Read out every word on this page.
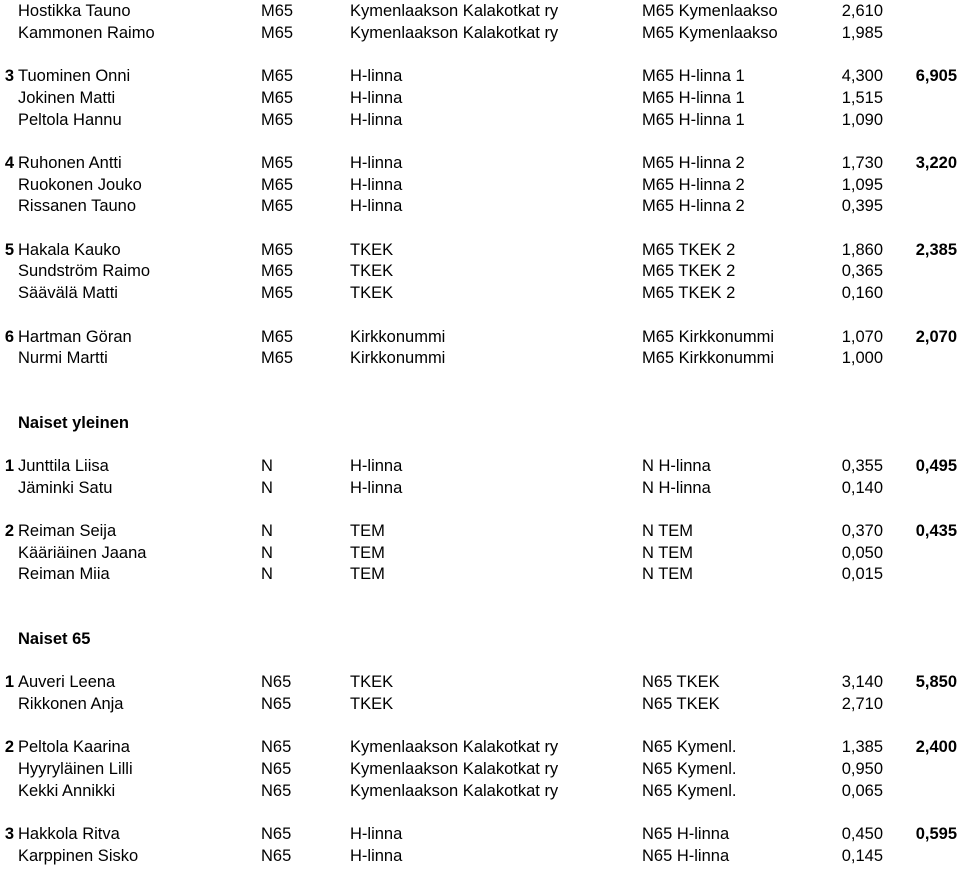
Hostikka Tauno	M65	Kymenlaakson Kalakotkat ry	M65 Kymenlaakso	2,610
Kammonen Raimo	M65	Kymenlaakson Kalakotkat ry	M65 Kymenlaakso	1,985
3 Tuominen Onni	M65	H-linna	M65 H-linna 1	4,300 6,905
Jokinen Matti	M65	H-linna	M65 H-linna 1	1,515
Peltola Hannu	M65	H-linna	M65 H-linna 1	1,090
4 Ruhonen Antti	M65	H-linna	M65 H-linna 2	1,730 3,220
Ruokonen Jouko	M65	H-linna	M65 H-linna 2	1,095
Rissanen Tauno	M65	H-linna	M65 H-linna 2	0,395
5 Hakala Kauko	M65	TKEK	M65 TKEK 2	1,860 2,385
Sundström Raimo	M65	TKEK	M65 TKEK 2	0,365
Säävälä Matti	M65	TKEK	M65 TKEK 2	0,160
6 Hartman Göran	M65	Kirkkonummi	M65 Kirkkonummi	1,070 2,070
Nurmi Martti	M65	Kirkkonummi	M65 Kirkkonummi	1,000
Naiset yleinen
1 Junttila Liisa	N	H-linna	N H-linna	0,355 0,495
Jäminki Satu	N	H-linna	N H-linna	0,140
2 Reiman Seija	N	TEM	N TEM	0,370 0,435
Kääriäinen Jaana	N	TEM	N TEM	0,050
Reiman Miia	N	TEM	N TEM	0,015
Naiset 65
1 Auveri Leena	N65	TKEK	N65 TKEK	3,140 5,850
Rikkonen Anja	N65	TKEK	N65 TKEK	2,710
2 Peltola Kaarina	N65	Kymenlaakson Kalakotkat ry	N65 Kymenl.	1,385 2,400
Hyyryläinen Lilli	N65	Kymenlaakson Kalakotkat ry	N65 Kymenl.	0,950
Kekki Annikki	N65	Kymenlaakson Kalakotkat ry	N65 Kymenl.	0,065
3 Hakkola Ritva	N65	H-linna	N65 H-linna	0,450 0,595
Karppinen Sisko	N65	H-linna	N65 H-linna	0,145
